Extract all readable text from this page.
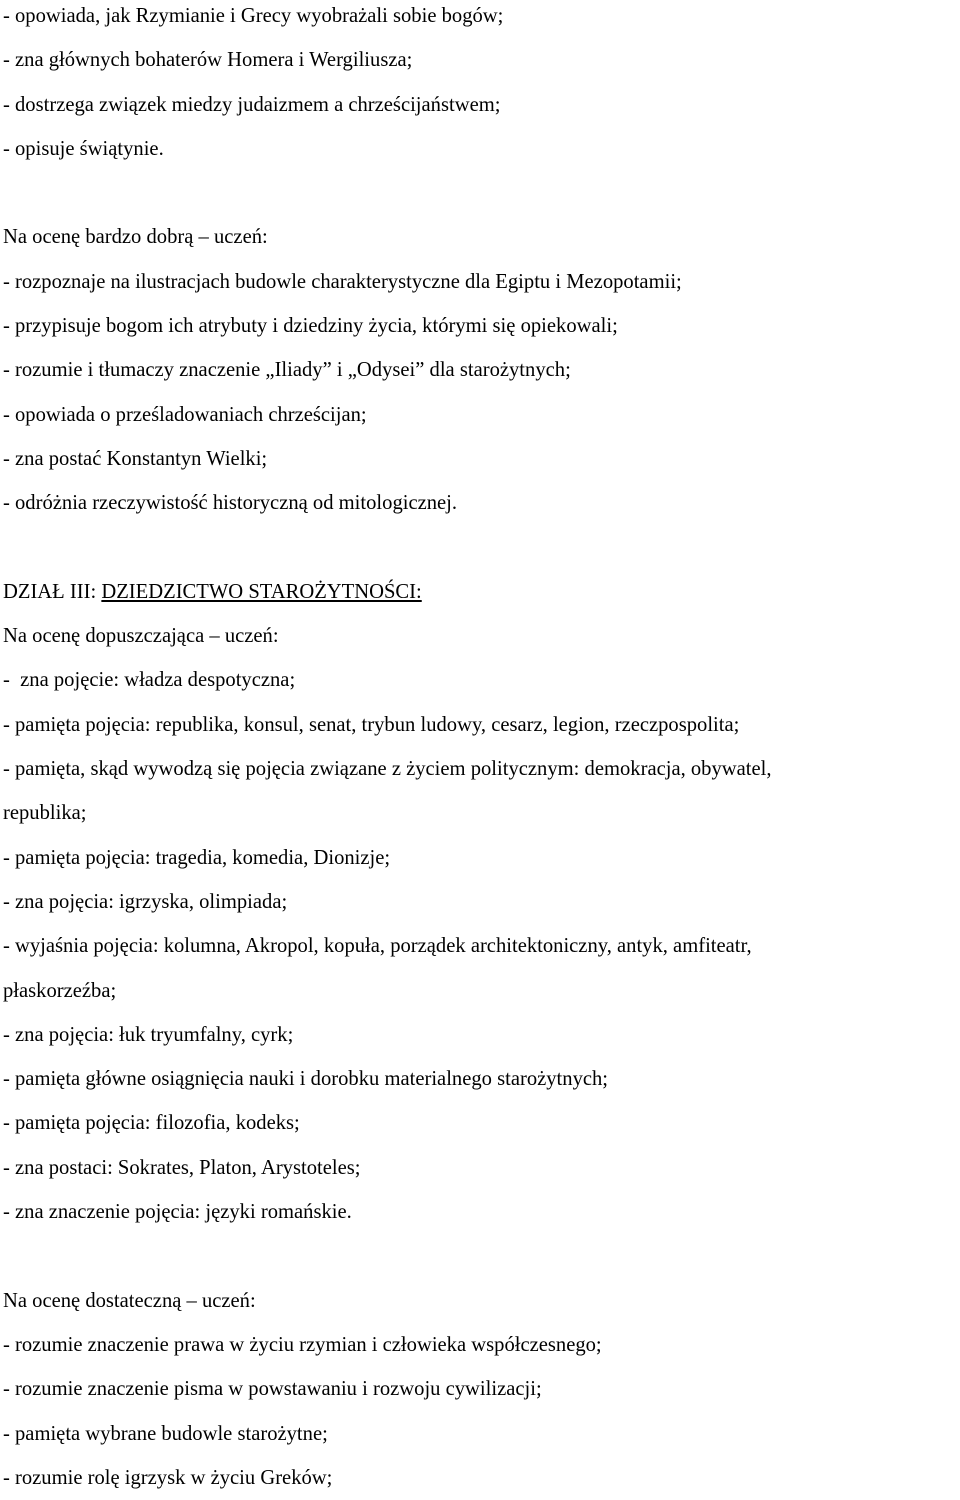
- opowiada, jak Rzymianie i Grecy wyobrażali sobie bogów;
- zna głównych bohaterów Homera i Wergiliusza;
- dostrzega związek miedzy judaizmem a chrześcijaństwem;
- opisuje świątynie.
Na ocenę bardzo dobrą – uczeń:
- rozpoznaje na ilustracjach budowle charakterystyczne dla Egiptu i Mezopotamii;
- przypisuje bogom ich atrybuty i dziedziny życia, którymi się opiekowali;
- rozumie i tłumaczy znaczenie „Iliady” i „Odysei” dla starożytnych;
- opowiada o prześladowaniach chrześcijan;
- zna postać Konstantyn Wielki;
- odróżnia rzeczywistość historyczną od mitologicznej.
DZIAŁ III: DZIEDZICTWO STAROŻYTNOŚCI:
Na ocenę dopuszczająca – uczeń:
-  zna pojęcie: władza despotyczna;
- pamięta pojęcia: republika, konsul, senat, trybun ludowy, cesarz, legion, rzeczpospolita;
- pamięta, skąd wywodzą się pojęcia związane z życiem politycznym: demokracja, obywatel,
republika;
- pamięta pojęcia: tragedia, komedia, Dionizje;
- zna pojęcia: igrzyska, olimpiada;
- wyjaśnia pojęcia: kolumna, Akropol, kopuła, porządek architektoniczny, antyk, amfiteatr,
płaskorzeźba;
- zna pojęcia: łuk tryumfalny, cyrk;
- pamięta główne osiągnięcia nauki i dorobku materialnego starożytnych;
- pamięta pojęcia: filozofia, kodeks;
- zna postaci: Sokrates, Platon, Arystoteles;
- zna znaczenie pojęcia: języki romańskie.
Na ocenę dostateczną – uczeń:
- rozumie znaczenie prawa w życiu rzymian i człowieka współczesnego;
- rozumie znaczenie pisma w powstawaniu i rozwoju cywilizacji;
- pamięta wybrane budowle starożytne;
- rozumie rolę igrzysk w życiu Greków;
